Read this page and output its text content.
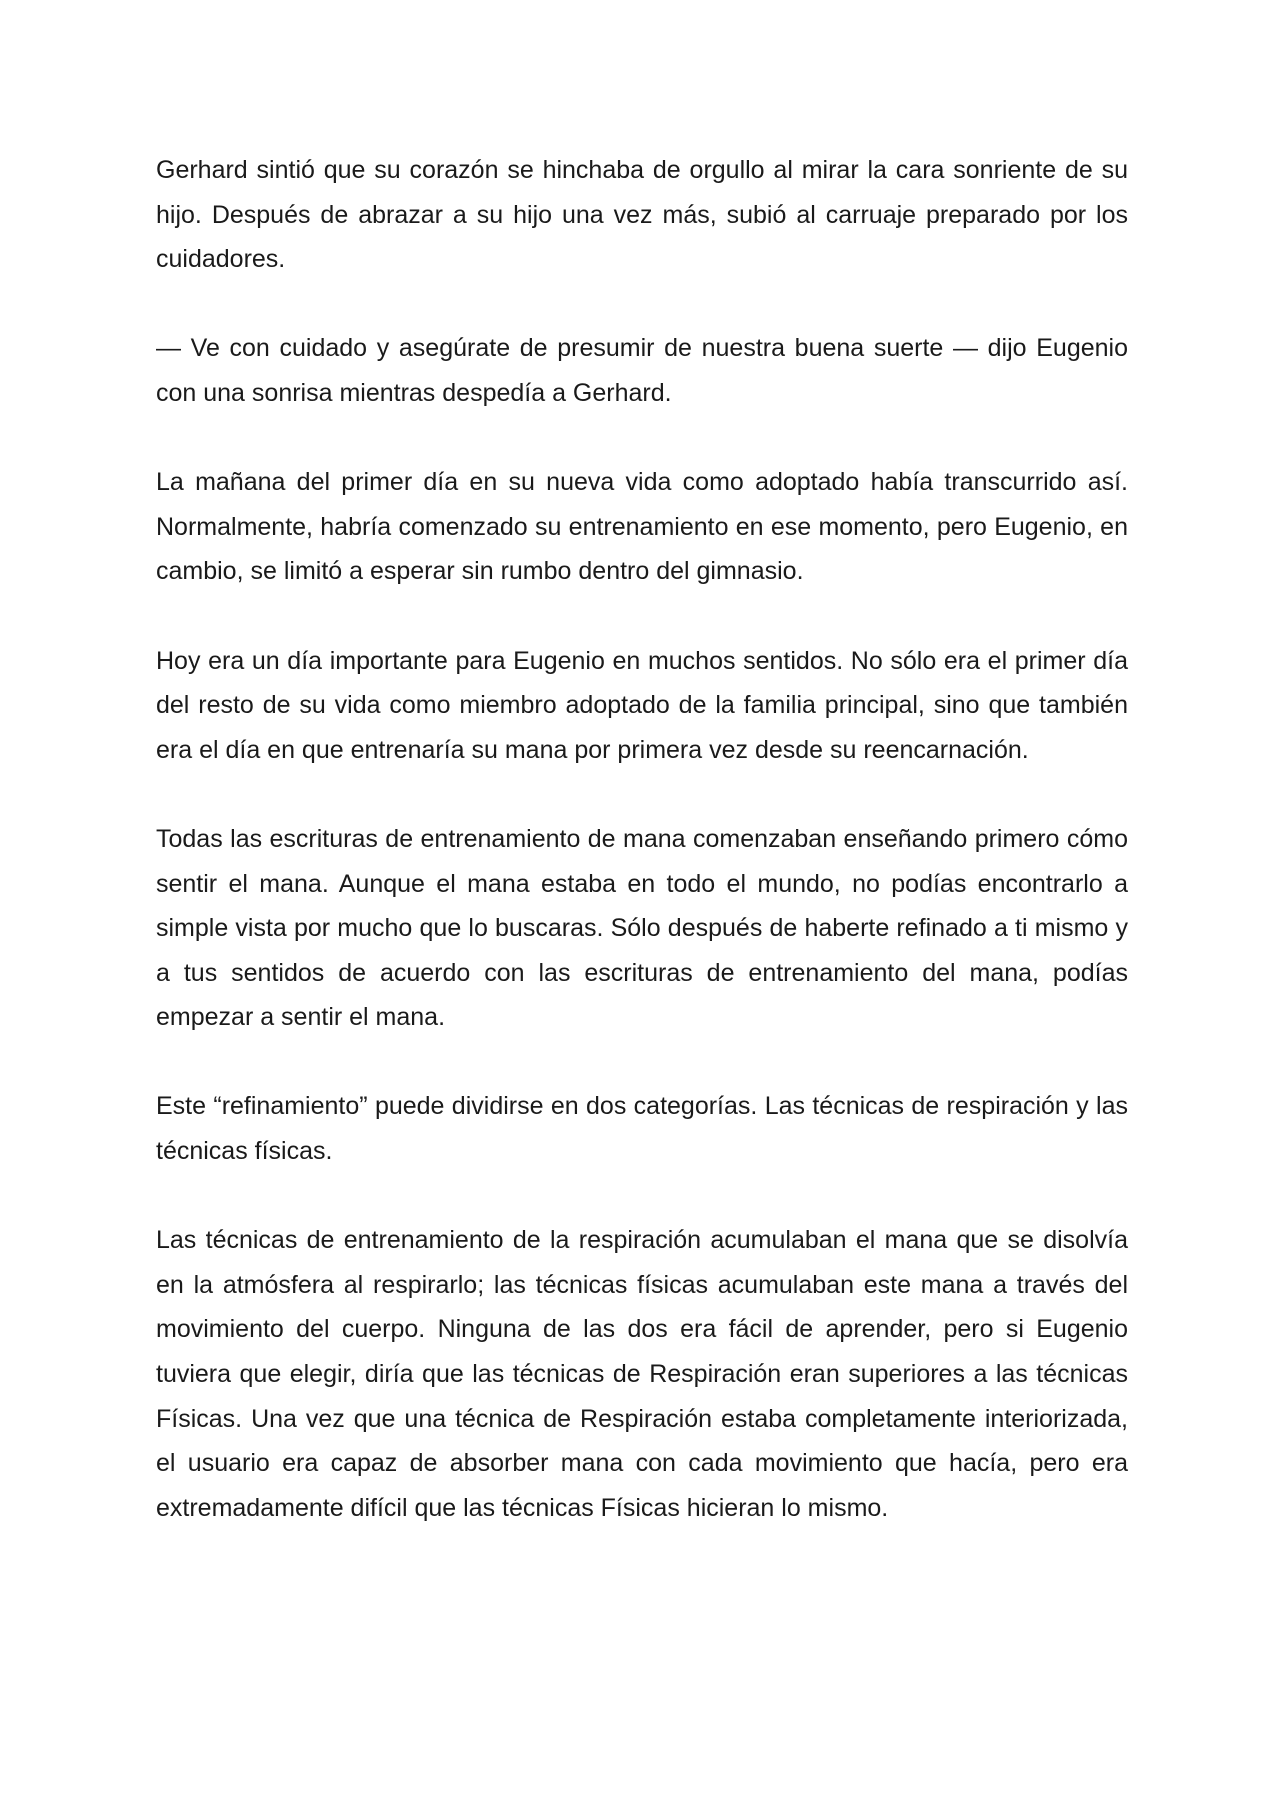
Gerhard sintió que su corazón se hinchaba de orgullo al mirar la cara sonriente de su hijo. Después de abrazar a su hijo una vez más, subió al carruaje preparado por los cuidadores.

— Ve con cuidado y asegúrate de presumir de nuestra buena suerte — dijo Eugenio con una sonrisa mientras despedía a Gerhard.

La mañana del primer día en su nueva vida como adoptado había transcurrido así. Normalmente, habría comenzado su entrenamiento en ese momento, pero Eugenio, en cambio, se limitó a esperar sin rumbo dentro del gimnasio.

Hoy era un día importante para Eugenio en muchos sentidos. No sólo era el primer día del resto de su vida como miembro adoptado de la familia principal, sino que también era el día en que entrenaría su mana por primera vez desde su reencarnación.

Todas las escrituras de entrenamiento de mana comenzaban enseñando primero cómo sentir el mana. Aunque el mana estaba en todo el mundo, no podías encontrarlo a simple vista por mucho que lo buscaras. Sólo después de haberte refinado a ti mismo y a tus sentidos de acuerdo con las escrituras de entrenamiento del mana, podías empezar a sentir el mana.

Este “refinamiento” puede dividirse en dos categorías. Las técnicas de respiración y las técnicas físicas.

Las técnicas de entrenamiento de la respiración acumulaban el mana que se disolvía en la atmósfera al respirarlo; las técnicas físicas acumulaban este mana a través del movimiento del cuerpo. Ninguna de las dos era fácil de aprender, pero si Eugenio tuviera que elegir, diría que las técnicas de Respiración eran superiores a las técnicas Físicas. Una vez que una técnica de Respiración estaba completamente interiorizada, el usuario era capaz de absorber mana con cada movimiento que hacía, pero era extremadamente difícil que las técnicas Físicas hicieran lo mismo.
